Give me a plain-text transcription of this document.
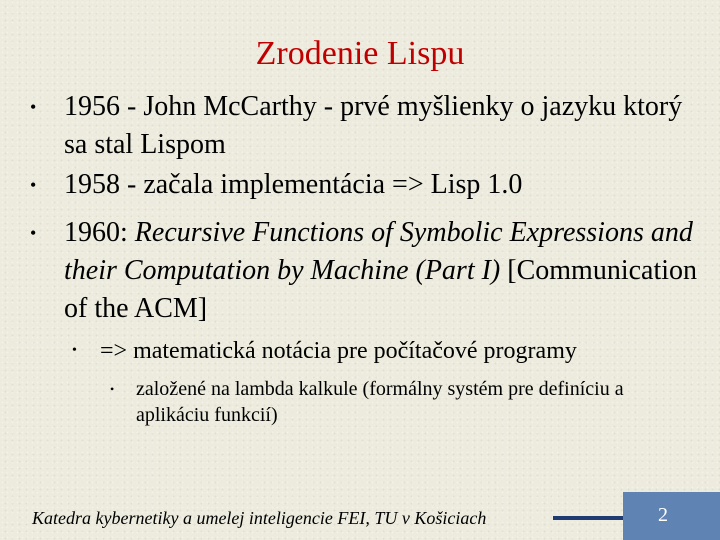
Zrodenie Lispu
• 1956 - John McCarthy - prvé myšlienky o jazyku ktorý sa stal Lispom
• 1958 - začala implementácia => Lisp 1.0
• 1960: Recursive Functions of Symbolic Expressions and their Computation by Machine (Part I) [Communication of the ACM]
• => matematická notácia pre počítačové programy
• založené na lambda kalkule (formálny systém pre definíciu a aplikáciu funkcií)
Katedra kybernetiky a umelej inteligencie FEI, TU v Košiciach	2
